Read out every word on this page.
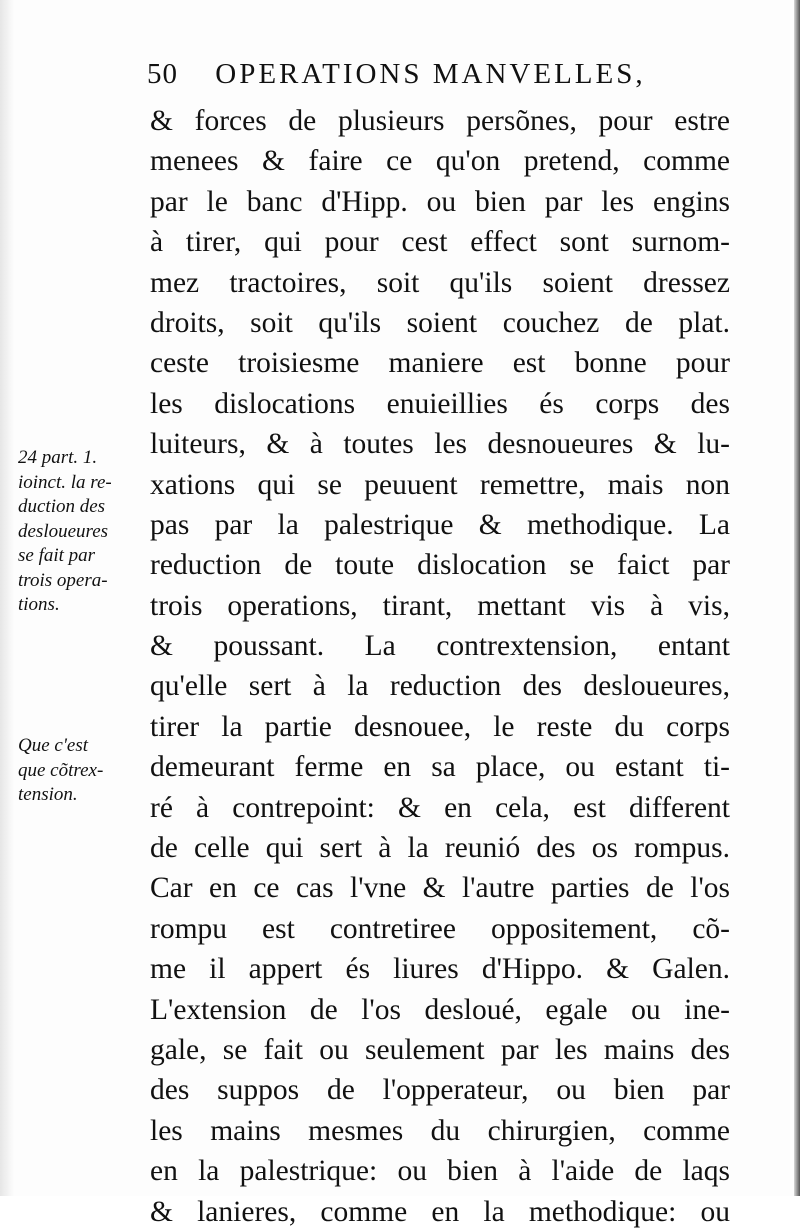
50 OPERATIONS MANVELLES,
& forces de plusieurs persõnes, pour estre
menees & faire ce qu'on pretend, comme
par le banc d'Hipp. ou bien par les engins
à tirer, qui pour cest effect sont surnom-
mez tractoires, soit qu'ils soient dressez
droits, soit qu'ils soient couchez de plat.
ceste troisiesme maniere est bonne pour
les dislocations enuieillies és corps des
luiteurs, & à toutes les desnoueures & lu-
xations qui se peuuent remettre, mais non
pas par la palestrique & methodique. La
reduction de toute dislocation se faict par
trois operations, tirant, mettant vis à vis,
& poussant. La contrextension, entant
qu'elle sert à la reduction des desloueures,
tirer la partie desnouee, le reste du corps
demeurant ferme en sa place, ou estant ti-
ré à contrepoint: & en cela, est different
de celle qui sert à la reunió des os rompus.
Car en ce cas l'vne & l'autre parties de l'os
rompu est contretiree oppositement, cõ-
me il appert és liures d'Hippo. & Galen.
L'extension de l'os desloué, egale ou ine-
gale, se fait ou seulement par les mains des
des suppos de l'opperateur, ou bien par
les mains mesmes du chirurgien, comme
en la palestrique: ou bien à l'aide de laqs
& lanieres, comme en la methodique: ou
24 part. 1.
ioinct. la re-
duction des
desloueures
se fait par
trois opera-
tions.
Que c'est
que cõtrex-
tension.
